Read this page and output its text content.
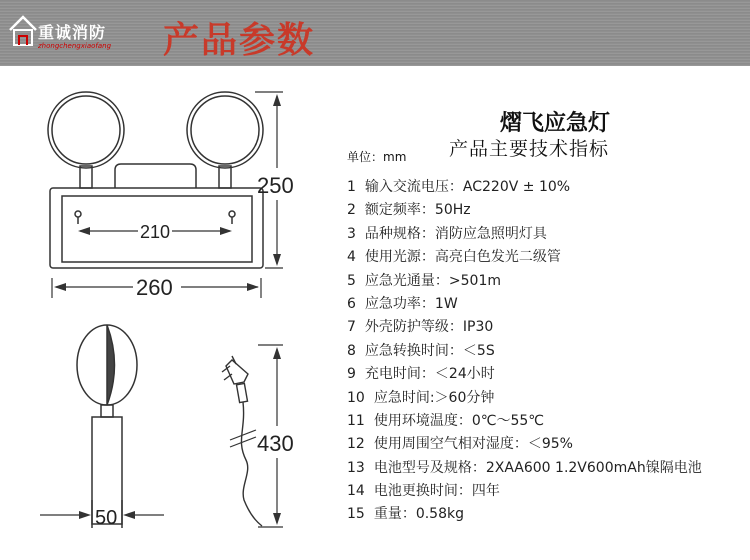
重诚消防
zhongchengxiaofang 产品参数
210
260
250
50
430
熠飞应急灯
产品主要技术指标
单位：mm
1 输入交流电压：AC220V ± 10%
2 额定频率：50Hz
3 品种规格：消防应急照明灯具
4 使用光源：高亮白色发光二级管
5 应急光通量：>501m
6 应急功率：1W
7 外壳防护等级：IP30
8 应急转换时间：＜5S
9 充电时间：＜24小时
10 应急时间:＞60分钟
11 使用环境温度：0℃～55℃
12 使用周围空气相对湿度：＜95%
13 电池型号及规格：2XAA600 1.2V600mAh镍隔电池
14 电池更换时间：四年
15 重量：0.58kg
